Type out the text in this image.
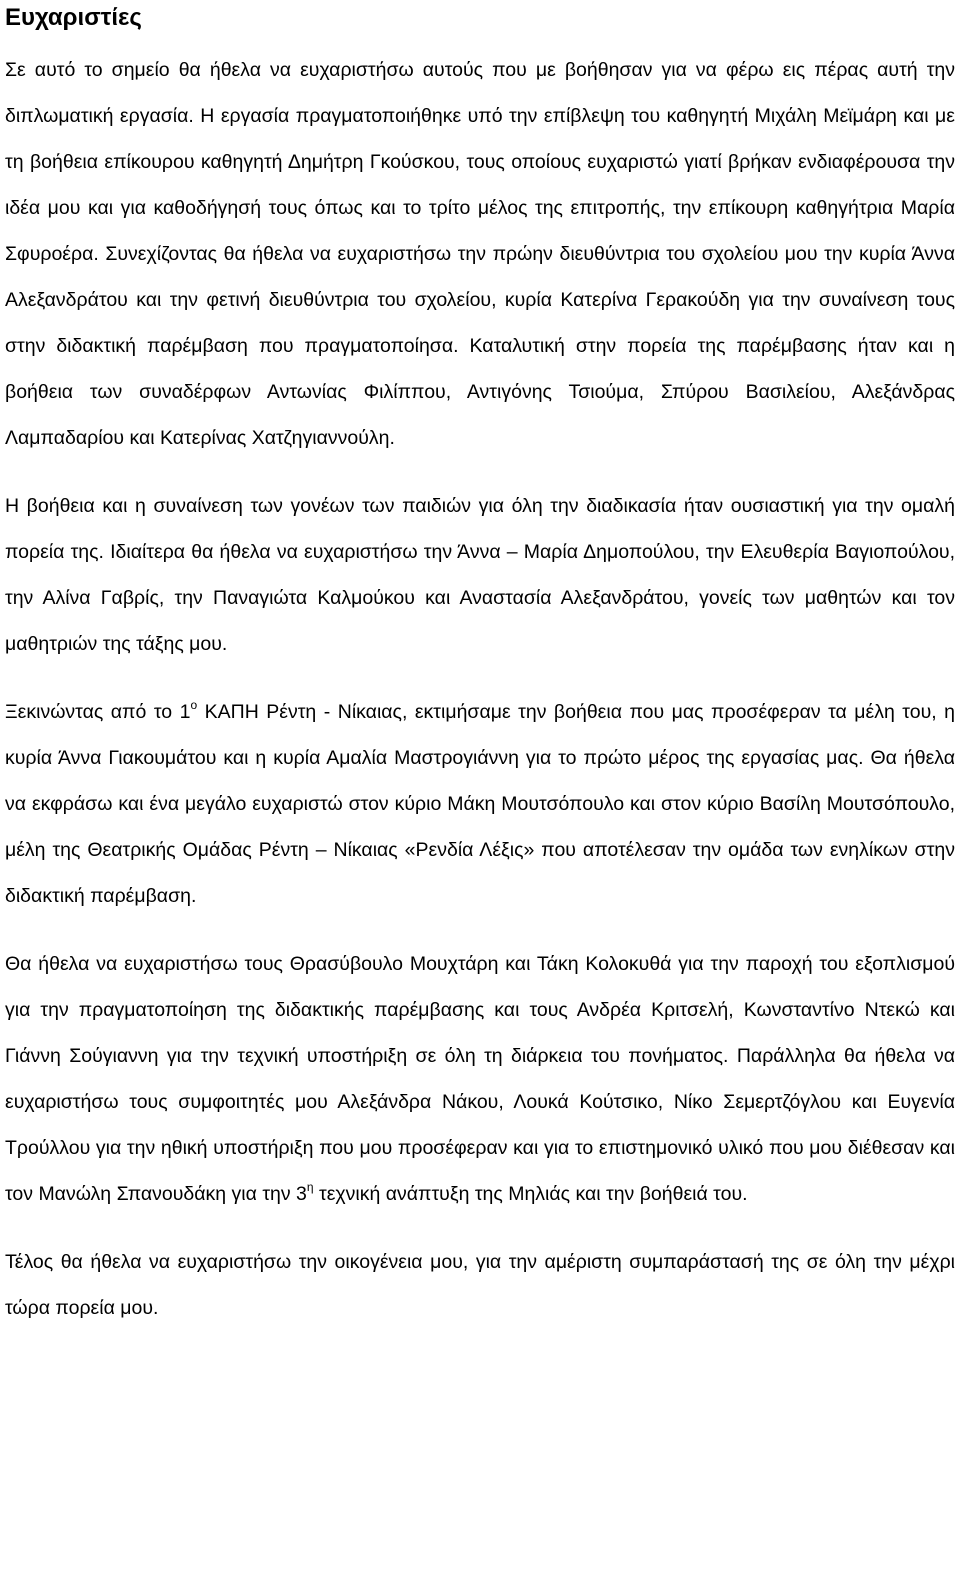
Ευχαριστίες

Σε αυτό το σημείο θα ήθελα να ευχαριστήσω αυτούς που με βοήθησαν για να φέρω εις πέρας αυτή την διπλωματική εργασία. Η εργασία πραγματοποιήθηκε υπό την επίβλεψη του καθηγητή Μιχάλη Μεϊμάρη και με τη βοήθεια επίκουρου καθηγητή Δημήτρη Γκούσκου, τους οποίους ευχαριστώ γιατί βρήκαν ενδιαφέρουσα την ιδέα μου και για καθοδήγησή τους όπως και το τρίτο μέλος της επιτροπής, την επίκουρη καθηγήτρια Μαρία Σφυροέρα. Συνεχίζοντας θα ήθελα να ευχαριστήσω την πρώην διευθύντρια του σχολείου μου την κυρία Άννα Αλεξανδράτου και την φετινή διευθύντρια του σχολείου, κυρία Κατερίνα Γερακούδη για την συναίνεση τους στην διδακτική παρέμβαση που πραγματοποίησα. Καταλυτική στην πορεία της παρέμβασης ήταν και η βοήθεια των συναδέρφων Αντωνίας Φιλίππου, Αντιγόνης Τσιούμα, Σπύρου Βασιλείου, Αλεξάνδρας Λαμπαδαρίου και Κατερίνας Χατζηγιαννούλη.

Η βοήθεια και η συναίνεση των γονέων των παιδιών για όλη την διαδικασία ήταν ουσιαστική για την ομαλή πορεία της. Ιδιαίτερα θα ήθελα να ευχαριστήσω την Άννα – Μαρία Δημοπούλου, την Ελευθερία Βαγιοπούλου, την Αλίνα Γαβρίς, την Παναγιώτα Καλμούκου και Αναστασία Αλεξανδράτου, γονείς των μαθητών και τον μαθητριών της τάξης μου.

Ξεκινώντας από το $1^o$ ΚΑΠΗ Ρέντη - Νίκαιας, εκτιμήσαμε την βοήθεια που μας προσέφεραν τα μέλη του, η κυρία Άννα Γιακουμάτου και η κυρία Αμαλία Μαστρογιάννη για το πρώτο μέρος της εργασίας μας. Θα ήθελα να εκφράσω και ένα μεγάλο ευχαριστώ στον κύριο Μάκη Μουτσόπουλο και στον κύριο Βασίλη Μουτσόπουλο, μέλη της Θεατρικής Ομάδας Ρέντη – Νίκαιας «Ρενδία Λέξις» που αποτέλεσαν την ομάδα των ενηλίκων στην διδακτική παρέμβαση.

Θα ήθελα να ευχαριστήσω τους Θρασύβουλο Μουχτάρη και Τάκη Κολοκυθά για την παροχή του εξοπλισμού για την πραγματοποίηση της διδακτικής παρέμβασης και τους Ανδρέα Κριτσελή, Κωνσταντίνο Ντεκώ και Γιάννη Σούγιαννη για την τεχνική υποστήριξη σε όλη τη διάρκεια του πονήματος. Παράλληλα θα ήθελα να ευχαριστήσω τους συμφοιτητές μου Αλεξάνδρα Νάκου, Λουκά Κούτσικο, Νίκο Σεμερτζόγλου και Ευγενία Τρούλλου για την ηθική υποστήριξη που μου προσέφεραν και για το επιστημονικό υλικό που μου διέθεσαν και τον Μανώλη Σπανουδάκη για την $3^\eta$ τεχνική ανάπτυξη της Μηλιάς και την βοήθειά του.

Τέλος θα ήθελα να ευχαριστήσω την οικογένεια μου, για την αμέριστη συμπαράστασή της σε όλη την μέχρι τώρα πορεία μου.
